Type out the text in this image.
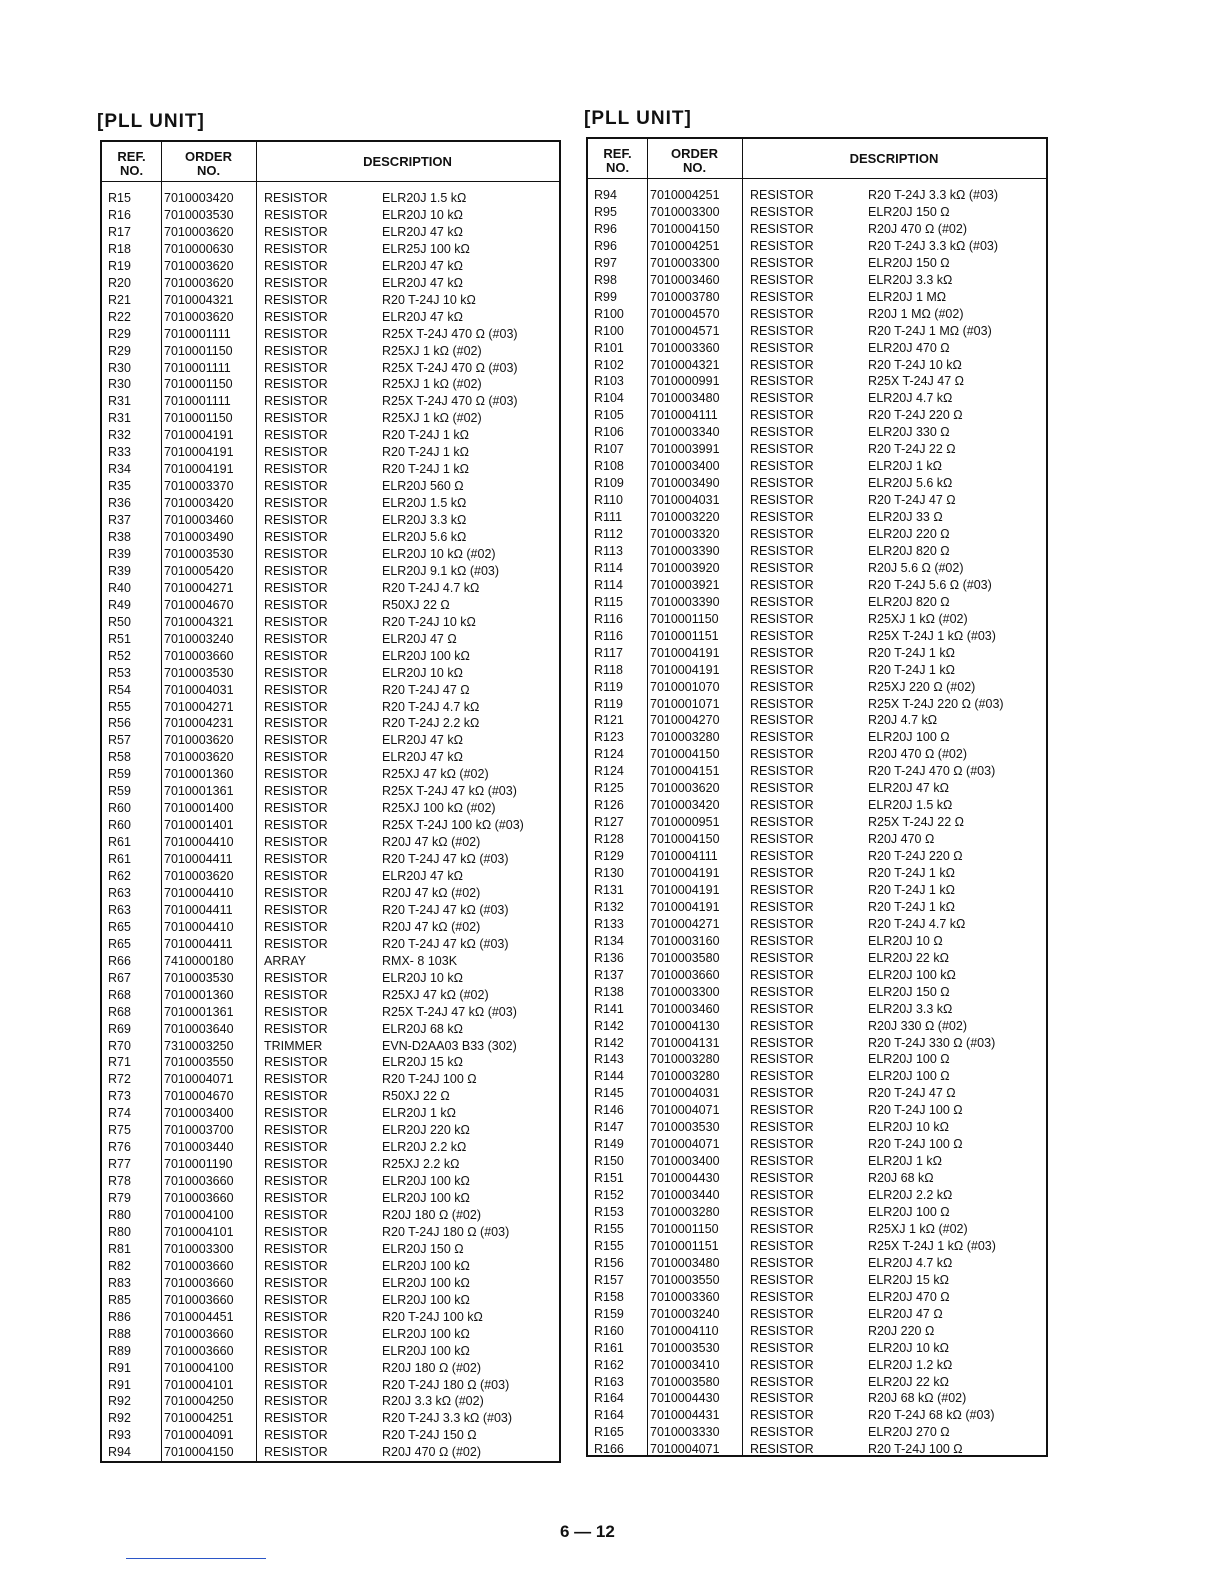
[PLL UNIT]	[PLL UNIT]
REF.
NO.
ORDER
NO.
DESCRIPTION
R15	7010003420 RESISTOR	ELR20J 1.5 kΩ
R16	7010003530 RESISTOR	ELR20J 10 kΩ
R17	7010003620 RESISTOR	ELR20J 47 kΩ
R18	7010000630 RESISTOR	ELR25J 100 kΩ
R19	7010003620 RESISTOR	ELR20J 47 kΩ
R20	7010003620 RESISTOR	ELR20J 47 kΩ
R21	7010004321 RESISTOR	R20 T-24J 10 kΩ
R22	7010003620 RESISTOR	ELR20J 47 kΩ
R29	7010001111	RESISTOR	R25X T-24J 470 Ω (#03)
R29	7010001150	RESISTOR	R25XJ 1 kΩ (#02)
R30	7010001111	RESISTOR	R25X T-24J 470 Ω (#03)
R30	7010001150	RESISTOR	R25XJ 1 kΩ (#02)
R31	7010001111	RESISTOR	R25X T-24J 470 Ω (#03)
R31	7010001150	RESISTOR	R25XJ 1 kΩ (#02)
R32	7010004191 RESISTOR	R20 T-24J 1 kΩ
R33	7010004191 RESISTOR	R20 T-24J 1 kΩ
R34	7010004191 RESISTOR	R20 T-24J 1 kΩ
R35	7010003370 RESISTOR	ELR20J 560 Ω
R36	7010003420 RESISTOR	ELR20J 1.5 kΩ
R37	7010003460 RESISTOR	ELR20J 3.3 kΩ
R38	7010003490 RESISTOR	ELR20J 5.6 kΩ
R39	7010003530 RESISTOR	ELR20J 10 kΩ (#02)
R39	7010005420 RESISTOR	ELR20J 9.1 kΩ (#03)
R40	7010004271 RESISTOR	R20 T-24J 4.7 kΩ
R49	7010004670 RESISTOR	R50XJ 22 Ω
R50	7010004321 RESISTOR	R20 T-24J 10 kΩ
R51	7010003240 RESISTOR	ELR20J 47 Ω
R52	7010003660 RESISTOR	ELR20J 100 kΩ
R53	7010003530 RESISTOR	ELR20J 10 kΩ
R54	7010004031 RESISTOR	R20 T-24J 47 Ω
R55	7010004271 RESISTOR	R20 T-24J 4.7 kΩ
R56	7010004231 RESISTOR	R20 T-24J 2.2 kΩ
R57	7010003620 RESISTOR	ELR20J 47 kΩ
R58	7010003620 RESISTOR	ELR20J 47 kΩ
R59	7010001360 RESISTOR	R25XJ 47 kΩ (#02)
R59	7010001361 RESISTOR	R25X T-24J 47 kΩ (#03)
R60	7010001400 RESISTOR	R25XJ 100 kΩ (#02)
R60	7010001401 RESISTOR	R25X T-24J 100 kΩ (#03)
R61	7010004410 RESISTOR	R20J 47 kΩ (#02)
R61	7010004411	RESISTOR	R20 T-24J 47 kΩ (#03)
R62	7010003620 RESISTOR	ELR20J 47 kΩ
R63	7010004410 RESISTOR	R20J 47 kΩ (#02)
R63	7010004411	RESISTOR	R20 T-24J 47 kΩ (#03)
R65	7010004410 RESISTOR	R20J 47 kΩ (#02)
R65	7010004411	RESISTOR	R20 T-24J 47 kΩ (#03)
R66	7410000180 ARRAY	RMX- 8 103K
R67	7010003530 RESISTOR	ELR20J 10 kΩ
R68	7010001360 RESISTOR	R25XJ 47 kΩ (#02)
R68	7010001361 RESISTOR	R25X T-24J 47 kΩ (#03)
R69	7010003640 RESISTOR	ELR20J 68 kΩ
R70	7310003250 TRIMMER	EVN-D2AA03 B33 (302)
R71	7010003550 RESISTOR	ELR20J 15 kΩ
R72	7010004071 RESISTOR	R20 T-24J 100 Ω
R73	7010004670 RESISTOR	R50XJ 22 Ω
R74	7010003400 RESISTOR	ELR20J 1 kΩ
R75	7010003700 RESISTOR	ELR20J 220 kΩ
R76	7010003440 RESISTOR	ELR20J 2.2 kΩ
R77	7010001190	RESISTOR	R25XJ 2.2 kΩ
R78	7010003660 RESISTOR	ELR20J 100 kΩ
R79	7010003660 RESISTOR	ELR20J 100 kΩ
R80	7010004100 RESISTOR	R20J 180 Ω (#02)
R80	7010004101 RESISTOR	R20 T-24J 180 Ω (#03)
R81	7010003300 RESISTOR	ELR20J 150 Ω
R82	7010003660 RESISTOR	ELR20J 100 kΩ
R83	7010003660 RESISTOR	ELR20J 100 kΩ
R85	7010003660 RESISTOR	ELR20J 100 kΩ
R86	7010004451 RESISTOR	R20 T-24J 100 kΩ
R88	7010003660 RESISTOR	ELR20J 100 kΩ
R89	7010003660 RESISTOR	ELR20J 100 kΩ
R91	7010004100 RESISTOR	R20J 180 Ω (#02)
R91	7010004101 RESISTOR	R20 T-24J 180 Ω (#03)
R92	7010004250 RESISTOR	R20J 3.3 kΩ (#02)
R92	7010004251 RESISTOR	R20 T-24J 3.3 kΩ (#03)
R93	7010004091 RESISTOR	R20 T-24J 150 Ω
R94	7010004150 RESISTOR	R20J 470 Ω (#02)
REF.
NO.
ORDER
NO.
DESCRIPTION
R94	7010004251 RESISTOR	R20 T-24J 3.3 kΩ (#03)
R95	7010003300 RESISTOR	ELR20J 150 Ω
R96	7010004150 RESISTOR	R20J 470 Ω (#02)
R96	7010004251 RESISTOR	R20 T-24J 3.3 kΩ (#03)
R97	7010003300 RESISTOR	ELR20J 150 Ω
R98	7010003460 RESISTOR	ELR20J 3.3 kΩ
R99	7010003780 RESISTOR	ELR20J 1 MΩ
R100 7010004570 RESISTOR	R20J 1 MΩ (#02)
R100 7010004571 RESISTOR	R20 T-24J 1 MΩ (#03)
R101 7010003360 RESISTOR	ELR20J 470 Ω
R102 7010004321 RESISTOR	R20 T-24J 10 kΩ
R103 7010000991 RESISTOR	R25X T-24J 47 Ω
R104 7010003480 RESISTOR	ELR20J 4.7 kΩ
R105 7010004111	RESISTOR	R20 T-24J 220 Ω
R106 7010003340 RESISTOR	ELR20J 330 Ω
R107 7010003991 RESISTOR	R20 T-24J 22 Ω
R108 7010003400 RESISTOR	ELR20J 1 kΩ
R109 7010003490 RESISTOR	ELR20J 5.6 kΩ
R110 7010004031 RESISTOR	R20 T-24J 47 Ω
R111 7010003220 RESISTOR	ELR20J 33 Ω
R112 7010003320 RESISTOR	ELR20J 220 Ω
R113 7010003390 RESISTOR	ELR20J 820 Ω
R114 7010003920 RESISTOR	R20J 5.6 Ω (#02)
R114 7010003921 RESISTOR	R20 T-24J 5.6 Ω (#03)
R115 7010003390 RESISTOR	ELR20J 820 Ω
R116 7010001150	RESISTOR	R25XJ 1 kΩ (#02)
R116 7010001151	RESISTOR	R25X T-24J 1 kΩ (#03)
R117 7010004191 RESISTOR	R20 T-24J 1 kΩ
R118 7010004191 RESISTOR	R20 T-24J 1 kΩ
R119 7010001070 RESISTOR	R25XJ 220 Ω (#02)
R119 7010001071 RESISTOR	R25X T-24J 220 Ω (#03)
R121 7010004270 RESISTOR	R20J 4.7 kΩ
R123 7010003280 RESISTOR	ELR20J 100 Ω
R124 7010004150 RESISTOR	R20J 470 Ω (#02)
R124 7010004151 RESISTOR	R20 T-24J 470 Ω (#03)
R125 7010003620 RESISTOR	ELR20J 47 kΩ
R126 7010003420 RESISTOR	ELR20J 1.5 kΩ
R127 7010000951 RESISTOR	R25X T-24J 22 Ω
R128 7010004150 RESISTOR	R20J 470 Ω
R129 7010004111	RESISTOR	R20 T-24J 220 Ω
R130 7010004191 RESISTOR	R20 T-24J 1 kΩ
R131 7010004191 RESISTOR	R20 T-24J 1 kΩ
R132 7010004191 RESISTOR	R20 T-24J 1 kΩ
R133 7010004271 RESISTOR	R20 T-24J 4.7 kΩ
R134 7010003160 RESISTOR	ELR20J 10 Ω
R136 7010003580 RESISTOR	ELR20J 22 kΩ
R137 7010003660 RESISTOR	ELR20J 100 kΩ
R138 7010003300 RESISTOR	ELR20J 150 Ω
R141 7010003460 RESISTOR	ELR20J 3.3 kΩ
R142 7010004130 RESISTOR	R20J 330 Ω (#02)
R142 7010004131 RESISTOR	R20 T-24J 330 Ω (#03)
R143 7010003280 RESISTOR	ELR20J 100 Ω
R144 7010003280 RESISTOR	ELR20J 100 Ω
R145 7010004031 RESISTOR	R20 T-24J 47 Ω
R146 7010004071 RESISTOR	R20 T-24J 100 Ω
R147 7010003530 RESISTOR	ELR20J 10 kΩ
R149 7010004071 RESISTOR	R20 T-24J 100 Ω
R150 7010003400 RESISTOR	ELR20J 1 kΩ
R151 7010004430 RESISTOR	R20J 68 kΩ
R152 7010003440 RESISTOR	ELR20J 2.2 kΩ
R153 7010003280 RESISTOR	ELR20J 100 Ω
R155 7010001150	RESISTOR	R25XJ 1 kΩ (#02)
R155 7010001151	RESISTOR	R25X T-24J 1 kΩ (#03)
R156 7010003480 RESISTOR	ELR20J 4.7 kΩ
R157 7010003550 RESISTOR	ELR20J 15 kΩ
R158 7010003360 RESISTOR	ELR20J 470 Ω
R159 7010003240 RESISTOR	ELR20J 47 Ω
R160 7010004110	RESISTOR	R20J 220 Ω
R161 7010003530 RESISTOR	ELR20J 10 kΩ
R162 7010003410 RESISTOR	ELR20J 1.2 kΩ
R163 7010003580 RESISTOR	ELR20J 22 kΩ
R164 7010004430 RESISTOR	R20J 68 kΩ (#02)
R164 7010004431 RESISTOR	R20 T-24J 68 kΩ (#03)
R165 7010003330 RESISTOR	ELR20J 270 Ω
R166 7010004071 RESISTOR	R20 T-24J 100 Ω
6 — 12
